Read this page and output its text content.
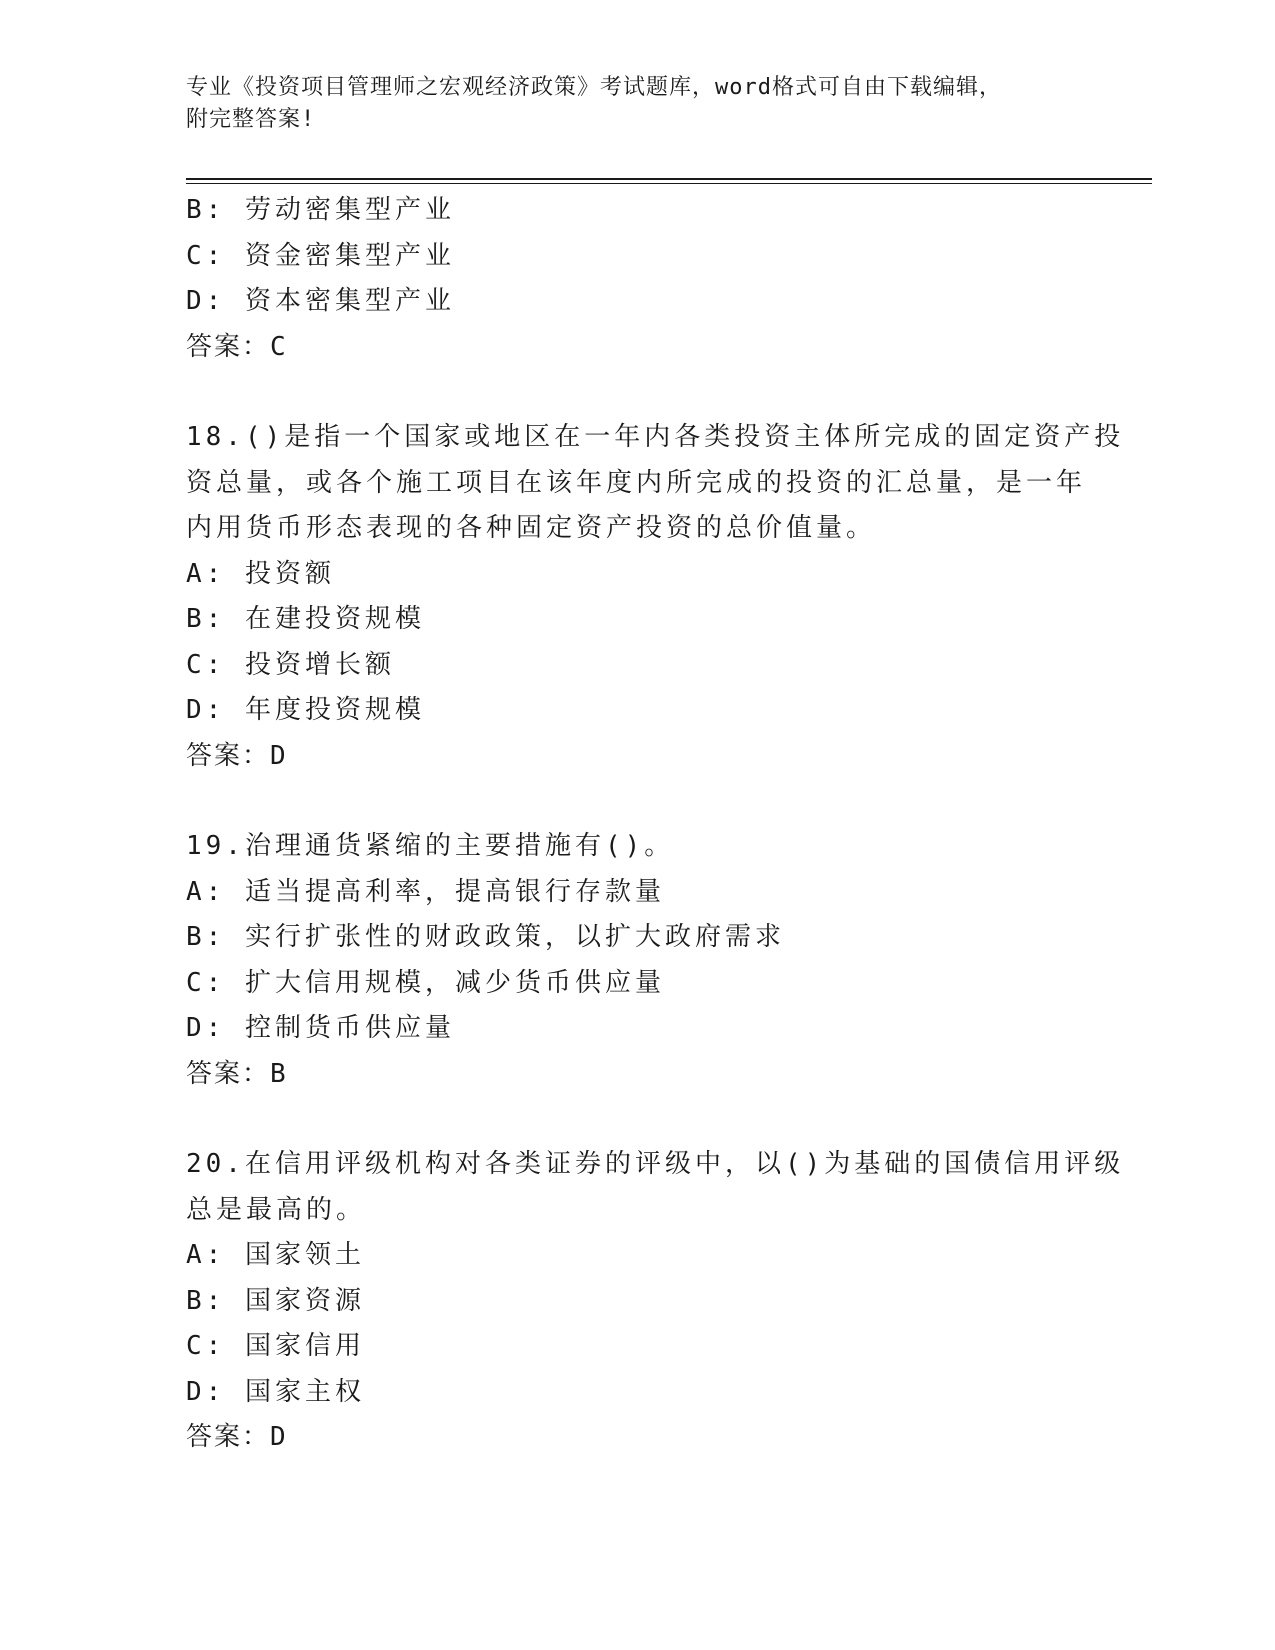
专业《投资项目管理师之宏观经济政策》考试题库，word格式可自由下载编辑，
附完整答案!
B: 劳动密集型产业
C: 资金密集型产业
D: 资本密集型产业
答案：C
18.()是指一个国家或地区在一年内各类投资主体所完成的固定资产投
资总量，或各个施工项目在该年度内所完成的投资的汇总量，是一年
内用货币形态表现的各种固定资产投资的总价值量。
A: 投资额
B: 在建投资规模
C: 投资增长额
D: 年度投资规模
答案：D
19.治理通货紧缩的主要措施有()。
A: 适当提高利率，提高银行存款量
B: 实行扩张性的财政政策，以扩大政府需求
C: 扩大信用规模，减少货币供应量
D: 控制货币供应量
答案：B
20.在信用评级机构对各类证券的评级中，以()为基础的国债信用评级
总是最高的。
A: 国家领土
B: 国家资源
C: 国家信用
D: 国家主权
答案：D
